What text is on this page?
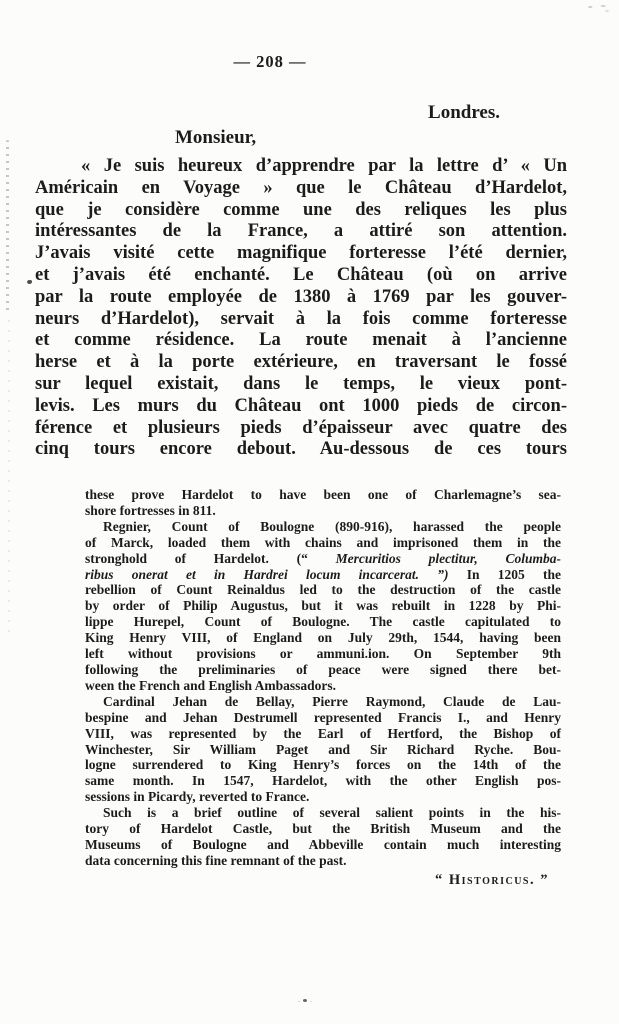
— 208 —
Londres.
Monsieur,
« Je suis heureux d’apprendre par la lettre d’ « Un
Américain en Voyage » que le Château d’Hardelot,
que je considère comme une des reliques les plus
intéressantes de la France, a attiré son attention.
J’avais visité cette magnifique forteresse l’été dernier,
et j’avais été enchanté. Le Château (où on arrive
par la route employée de 1380 à 1769 par les gouver-
neurs d’Hardelot), servait à la fois comme forteresse
et comme résidence. La route menait à l’ancienne
herse et à la porte extérieure, en traversant le fossé
sur lequel existait, dans le temps, le vieux pont-
levis. Les murs du Château ont 1000 pieds de circon-
férence et plusieurs pieds d’épaisseur avec quatre des
cinq tours encore debout. Au-dessous de ces tours
these prove Hardelot to have been one of Charlemagne’s sea-
shore fortresses in 811.
Regnier, Count of Boulogne (890-916), harassed the people
of Marck, loaded them with chains and imprisoned them in the
stronghold of Hardelot. (“ Mercuritios plectitur, Columba-
ribus onerat et in Hardrei locum incarcerat. ”) In 1205 the
rebellion of Count Reinaldus led to the destruction of the castle
by order of Philip Augustus, but it was rebuilt in 1228 by Phi-
lippe Hurepel, Count of Boulogne. The castle capitulated to
King Henry VIII, of England on July 29th, 1544, having been
left without provisions or ammuni.ion. On September 9th
following the preliminaries of peace were signed there bet-
ween the French and English Ambassadors.
Cardinal Jehan de Bellay, Pierre Raymond, Claude de Lau-
bespine and Jehan Destrumell represented Francis I., and Henry
VIII, was represented by the Earl of Hertford, the Bishop of
Winchester, Sir William Paget and Sir Richard Ryche. Bou-
logne surrendered to King Henry’s forces on the 14th of the
same month. In 1547, Hardelot, with the other English pos-
sessions in Picardy, reverted to France.
Such is a brief outline of several salient points in the his-
tory of Hardelot Castle, but the British Museum and the
Museums of Boulogne and Abbeville contain much interesting
data concerning this fine remnant of the past.
“ Historicus. ”
